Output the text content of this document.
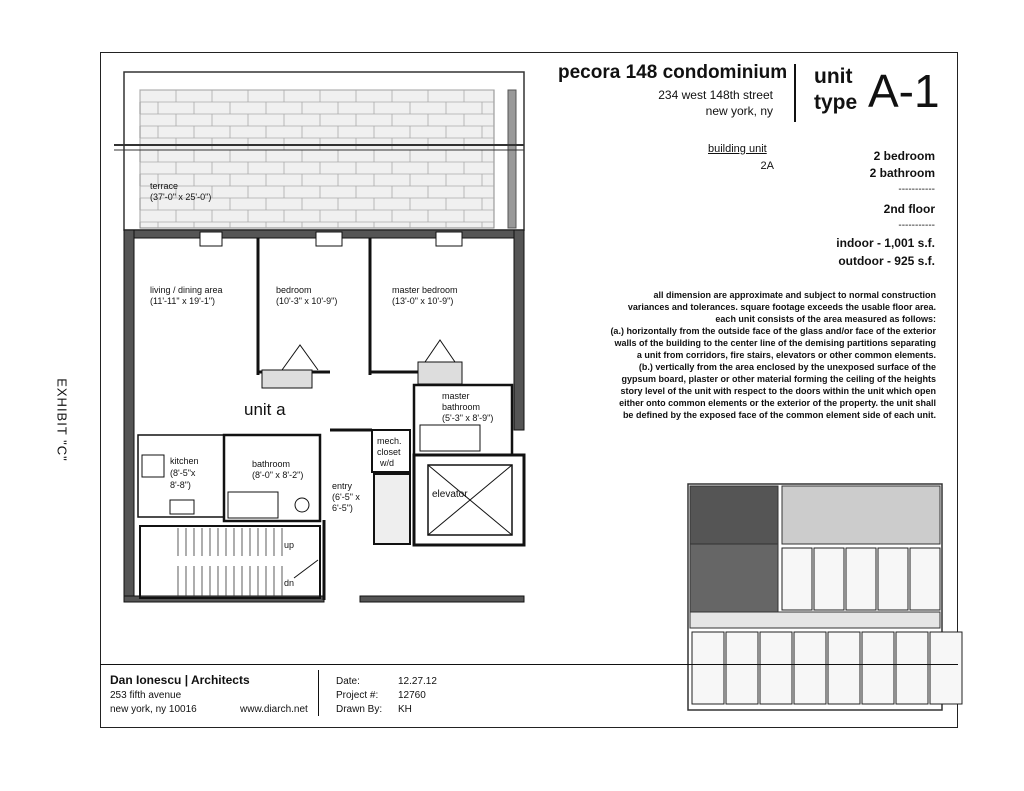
EXHIBIT "C"
pecora 148 condominium
234 west 148th street
new york, ny
unit
type A-1
building unit
2A
2 bedroom
2 bathroom
-----------
2nd floor
-----------
indoor - 1,001 s.f.
outdoor - 925 s.f.

all dimension are approximate and subject to normal construction

variances and tolerances. square footage exceeds the usable floor area.

each unit consists of the area measured as follows:

(a.) horizontally from the outside face of the glass and/or face of the exterior

walls of the building to the center line of the demising partitions separating

a unit from corridors, fire stairs, elevators or other common elements.

(b.) vertically from the area enclosed by the unexposed surface of the

gypsum board, plaster or other material forming the ceiling of the heights

story level of the unit with respect to the doors within the unit which open

either onto common elements or the exterior of the property. the unit shall

be defined by the exposed face of the common element side of each unit.

terrace
(37'-0" x 25'-0")
living / dining area
(11'-11" x 19'-1")
bedroom
(10'-3" x 10'-9")
master bedroom
(13'-0" x 10'-9")
unit a
master
bathroom
(5'-3" x 8'-9")
mech.
closet
w/d
kitchen
(8'-5"x
8'-8")
bathroom
(8'-0" x 8'-2")
entry
(6'-5" x
6'-5")
elevator
up
dn
Dan Ionescu | Architects
253 fifth avenue
new york, ny 10016	www.diarch.net
Date:	12.27.12
Project #: 12760
Drawn By: KH
